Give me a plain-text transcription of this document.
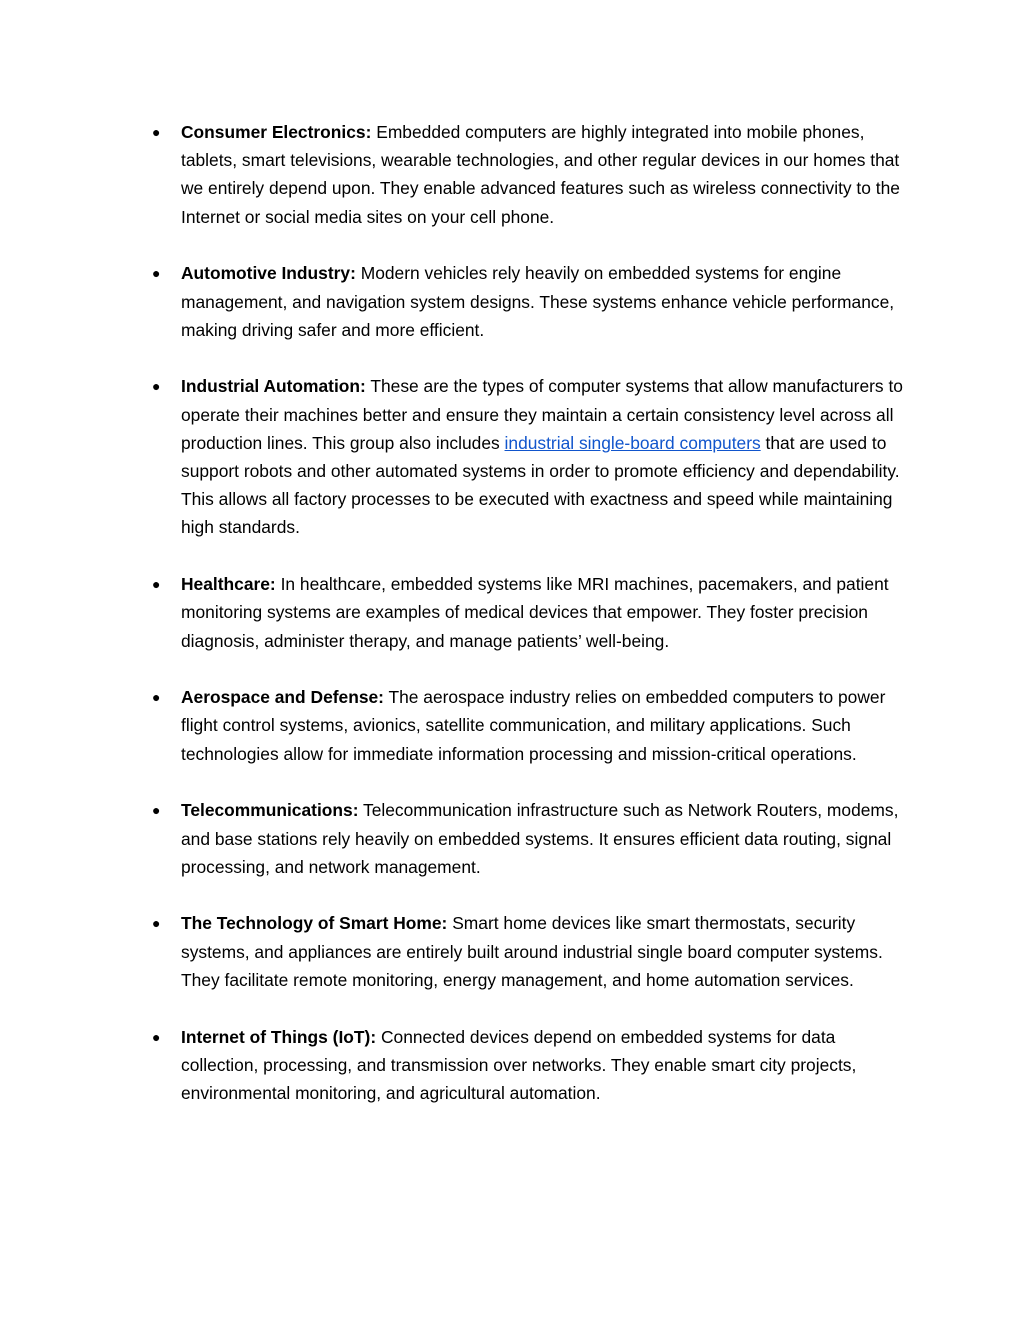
●	Consumer Electronics: Embedded computers are highly integrated into mobile phones, tablets, smart televisions, wearable technologies, and other regular devices in our homes that we entirely depend upon. They enable advanced features such as wireless connectivity to the Internet or social media sites on your cell phone.
●	Automotive Industry: Modern vehicles rely heavily on embedded systems for engine management, and navigation system designs. These systems enhance vehicle performance, making driving safer and more efficient.
●	Industrial Automation: These are the types of computer systems that allow manufacturers to operate their machines better and ensure they maintain a certain consistency level across all production lines. This group also includes industrial single-board computers that are used to support robots and other automated systems in order to promote efficiency and dependability. This allows all factory processes to be executed with exactness and speed while maintaining high standards.
●	Healthcare: In healthcare, embedded systems like MRI machines, pacemakers, and patient monitoring systems are examples of medical devices that empower. They foster precision diagnosis, administer therapy, and manage patients’ well-being.
●	Aerospace and Defense: The aerospace industry relies on embedded computers to power flight control systems, avionics, satellite communication, and military applications. Such technologies allow for immediate information processing and mission-critical operations.
●	Telecommunications: Telecommunication infrastructure such as Network Routers, modems, and base stations rely heavily on embedded systems. It ensures efficient data routing, signal processing, and network management.
●	The Technology of Smart Home: Smart home devices like smart thermostats, security systems, and appliances are entirely built around industrial single board computer systems. They facilitate remote monitoring, energy management, and home automation services.
●	Internet of Things (IoT): Connected devices depend on embedded systems for data collection, processing, and transmission over networks. They enable smart city projects, environmental monitoring, and agricultural automation.
